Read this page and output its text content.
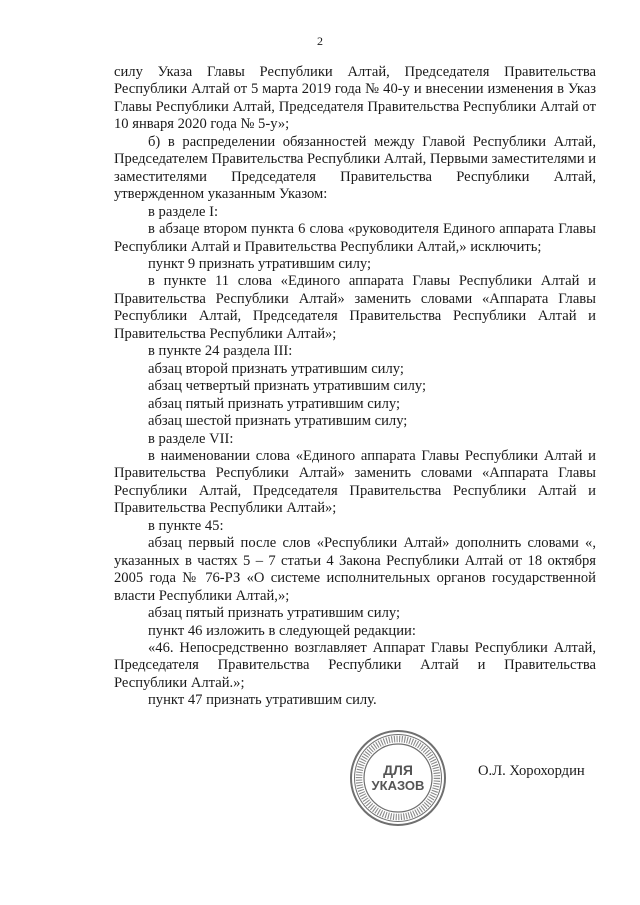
2

силу Указа Главы Республики Алтай, Председателя Правительства Республики Алтай от 5 марта 2019 года № 40-у и внесении изменения в Указ Главы Республики Алтай, Председателя Правительства Республики Алтай от 10 января 2020 года № 5-у»;

б) в распределении обязанностей между Главой Республики Алтай, Председателем Правительства Республики Алтай, Первыми заместителями и заместителями Председателя Правительства Республики Алтай, утвержденном указанным Указом:

в разделе I:

в абзаце втором пункта 6 слова «руководителя Единого аппарата Главы Республики Алтай и Правительства Республики Алтай,» исключить;

пункт 9 признать утратившим силу;

в пункте 11 слова «Единого аппарата Главы Республики Алтай и Правительства Республики Алтай» заменить словами «Аппарата Главы Республики Алтай, Председателя Правительства Республики Алтай и Правительства Республики Алтай»;

в пункте 24 раздела III:

абзац второй признать утратившим силу;

абзац четвертый признать утратившим силу;

абзац пятый признать утратившим силу;

абзац шестой признать утратившим силу;

в разделе VII:

в наименовании слова «Единого аппарата Главы Республики Алтай и Правительства Республики Алтай» заменить словами «Аппарата Главы Республики Алтай, Председателя Правительства Республики Алтай и Правительства Республики Алтай»;

в пункте 45:

абзац первый после слов «Республики Алтай» дополнить словами «, указанных в частях 5 – 7 статьи 4 Закона Республики Алтай от 18 октября 2005 года № 76-РЗ «О системе исполнительных органов государственной власти Республики Алтай,»;

абзац пятый признать утратившим силу;

пункт 46 изложить в следующей редакции:

«46. Непосредственно возглавляет Аппарат Главы Республики Алтай, Председателя Правительства Республики Алтай и Правительства Республики Алтай.»;

пункт 47 признать утратившим силу.

ДЛЯ
УКАЗОВ
О.Л. Хорохордин
